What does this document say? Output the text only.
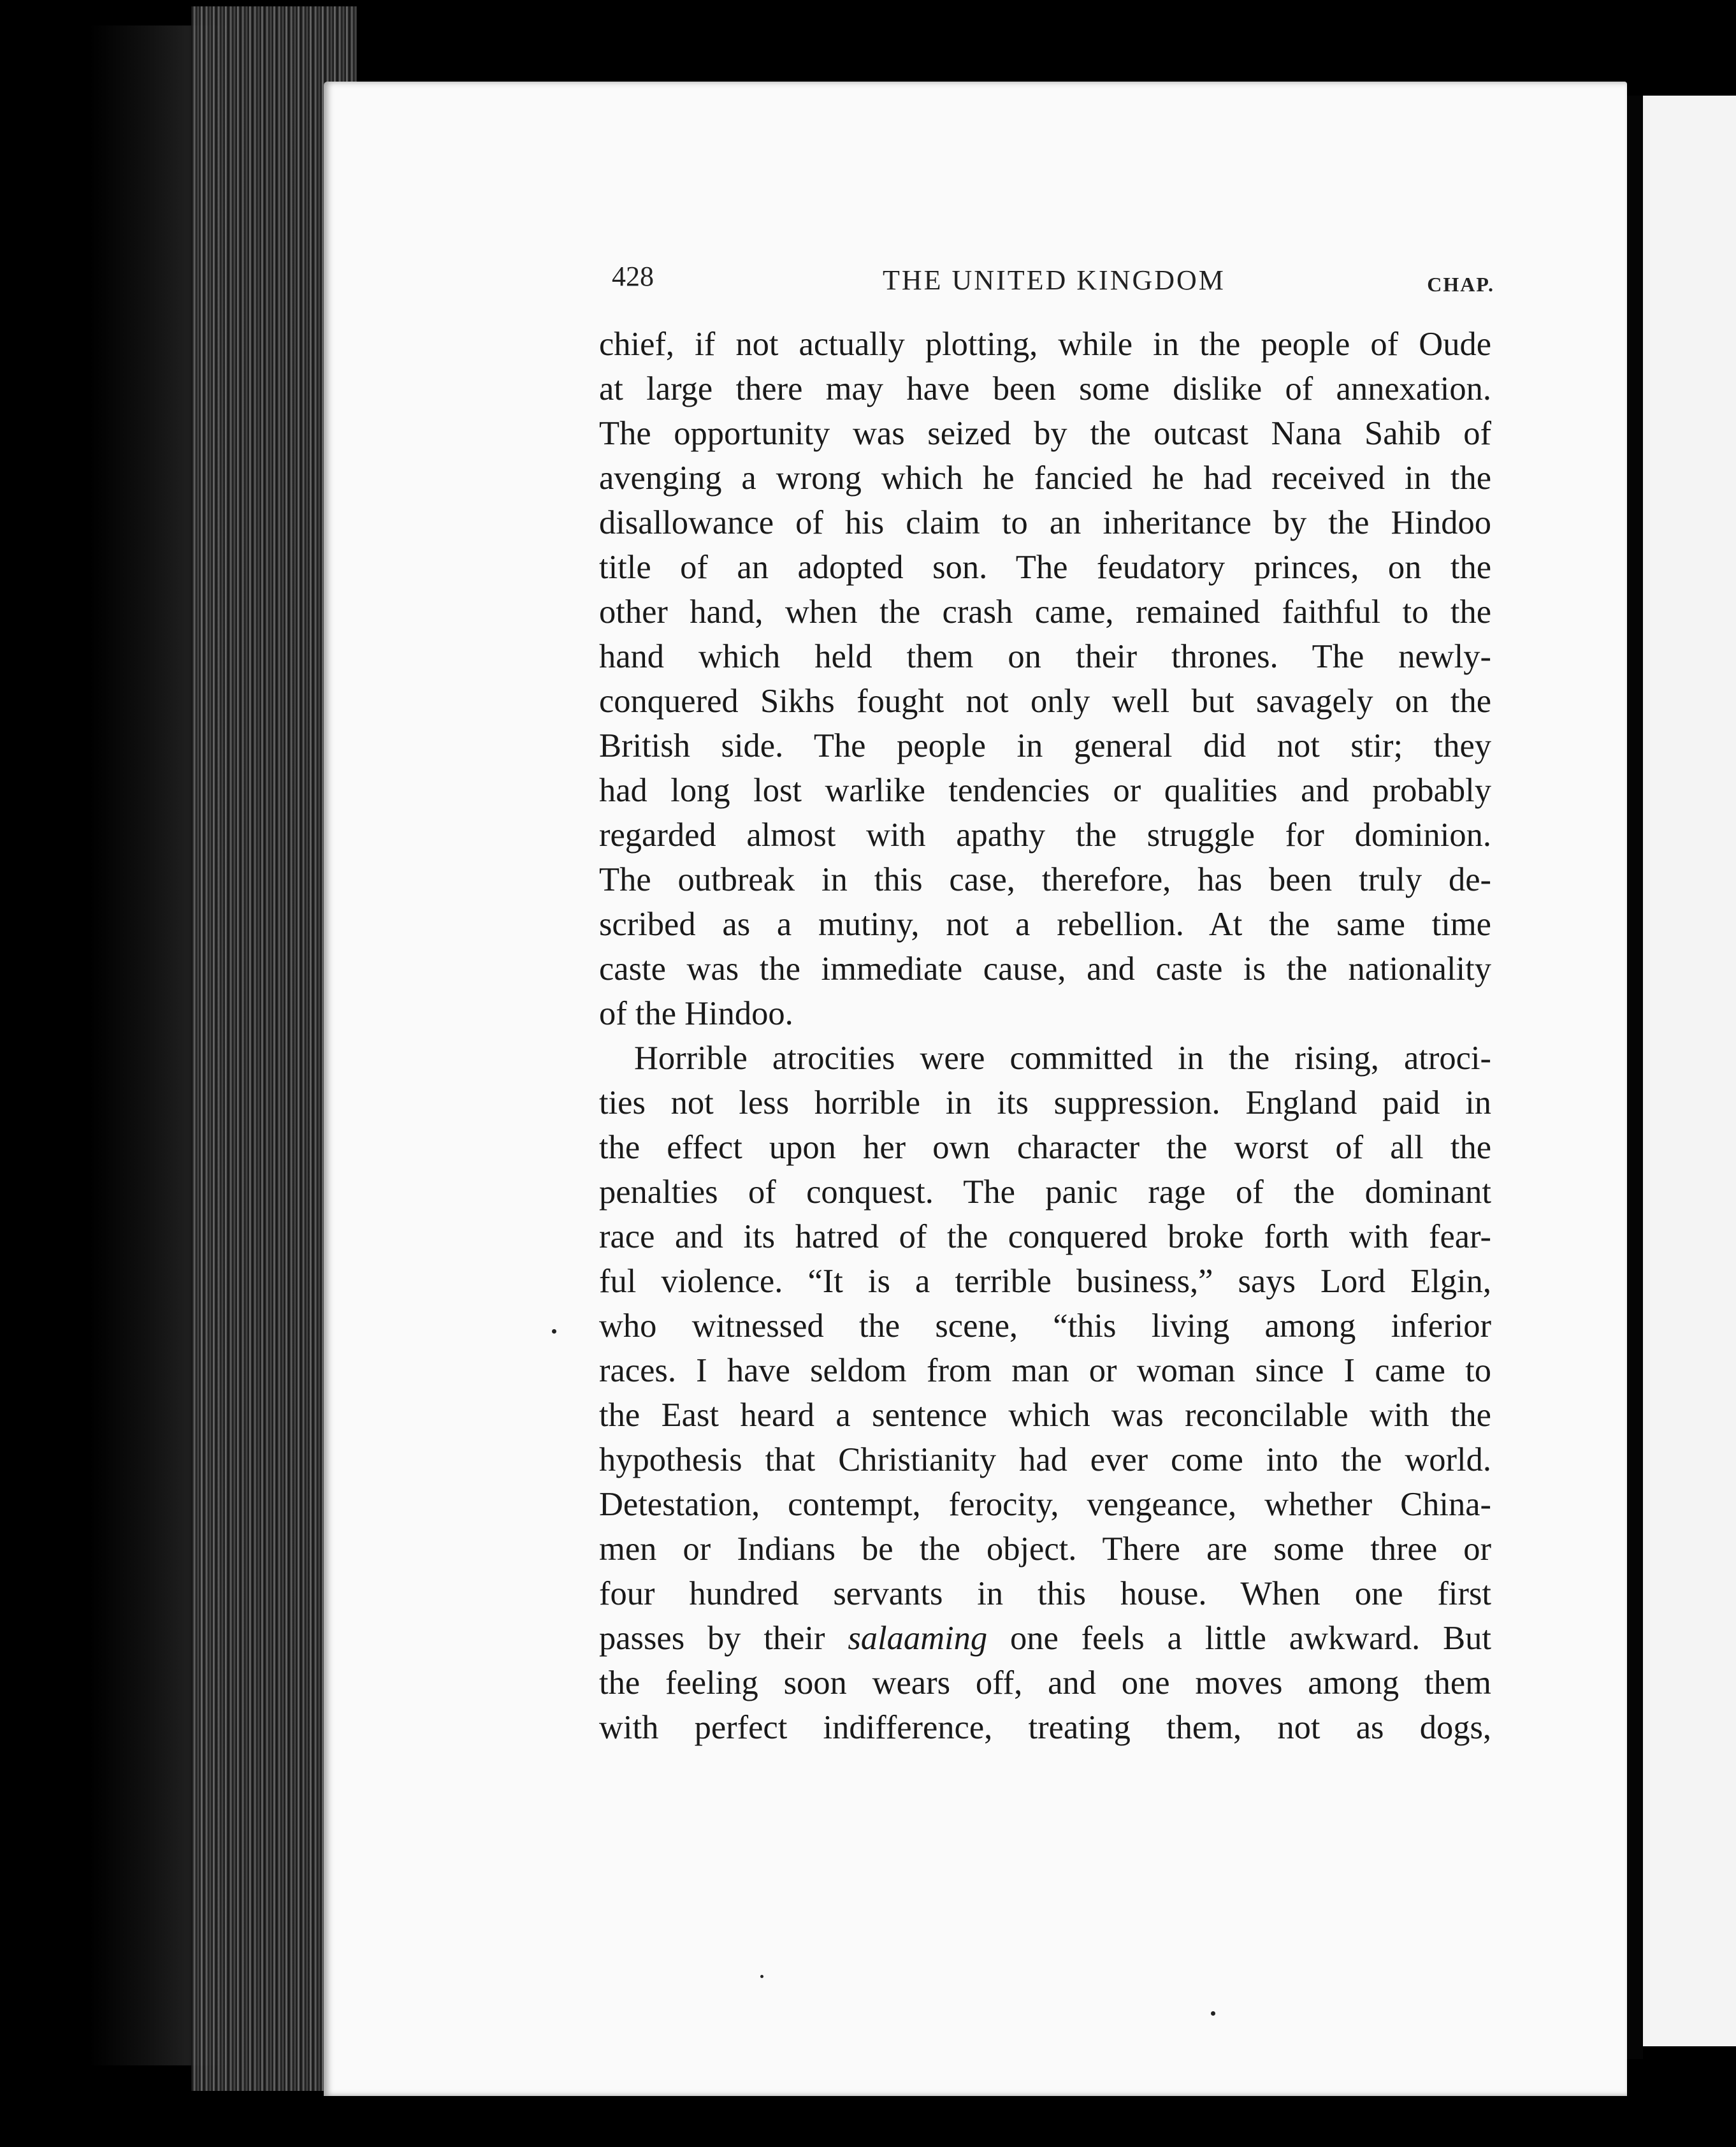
428	THE UNITED KINGDOM	CHAP.
chief, if not actually plotting, while in the people of Oude
at large there may have been some dislike of annexation.
The opportunity was seized by the outcast Nana Sahib of
avenging a wrong which he fancied he had received in the
disallowance of his claim to an inheritance by the Hindoo
title of an adopted son. The feudatory princes, on the
other hand, when the crash came, remained faithful to the
hand which held them on their thrones. The newly-
conquered Sikhs fought not only well but savagely on the
British side. The people in general did not stir; they
had long lost warlike tendencies or qualities and probably
regarded almost with apathy the struggle for dominion.
The outbreak in this case, therefore, has been truly de-
scribed as a mutiny, not a rebellion. At the same time
caste was the immediate cause, and caste is the nationality
of the Hindoo.
Horrible atrocities were committed in the rising, atroci-
ties not less horrible in its suppression. England paid in
the effect upon her own character the worst of all the
penalties of conquest. The panic rage of the dominant
race and its hatred of the conquered broke forth with fear-
ful violence. “It is a terrible business,” says Lord Elgin,
who witnessed the scene, “this living among inferior
races. I have seldom from man or woman since I came to
the East heard a sentence which was reconcilable with the
hypothesis that Christianity had ever come into the world.
Detestation, contempt, ferocity, vengeance, whether China-
men or Indians be the object. There are some three or
four hundred servants in this house. When one first
passes by their salaaming one feels a little awkward. But
the feeling soon wears off, and one moves among them
with perfect indifference, treating them, not as dogs,
